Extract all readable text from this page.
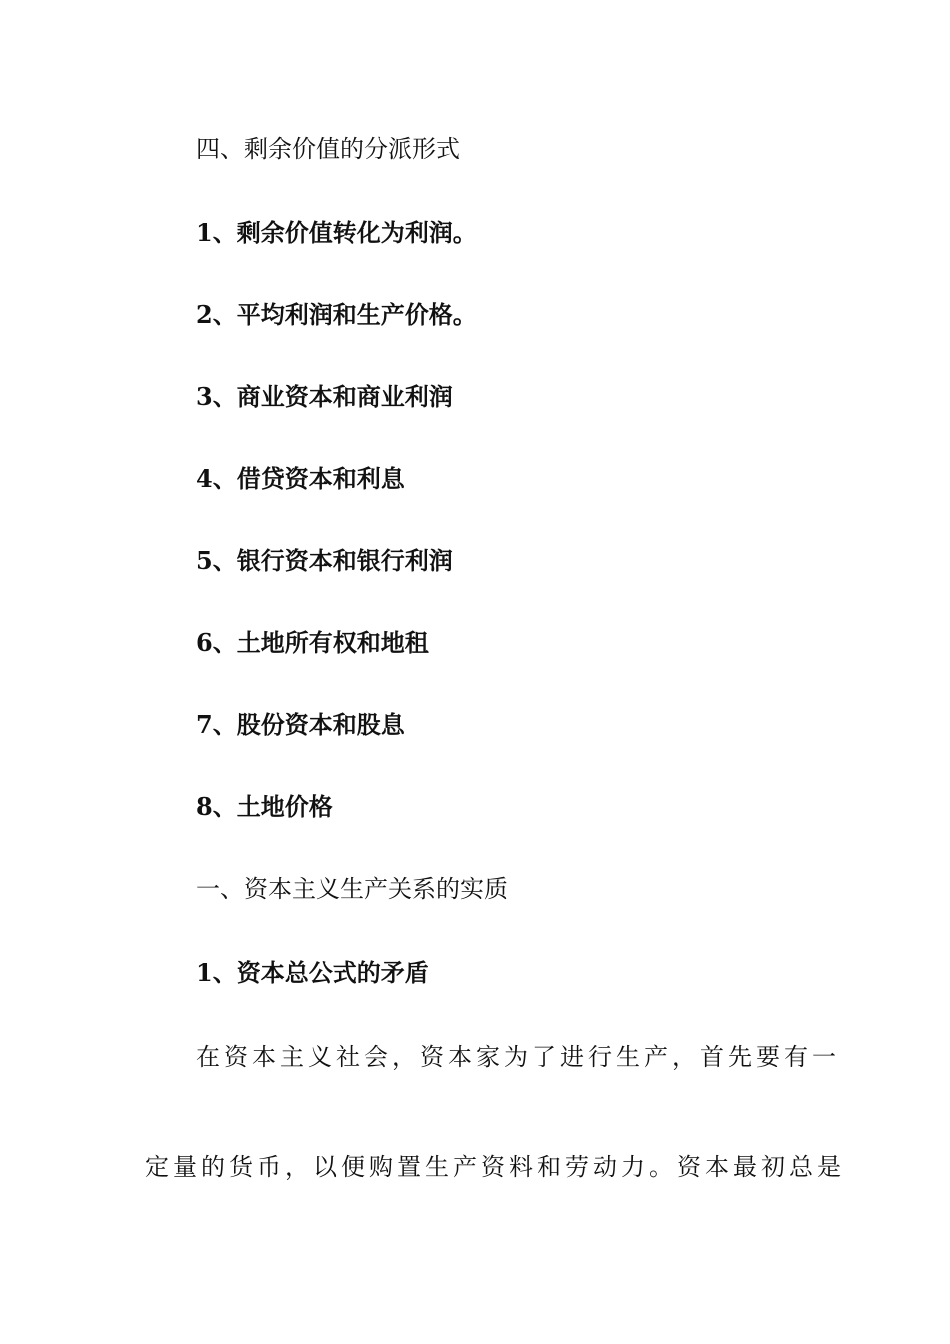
四、剩余价值的分派形式
1、剩余价值转化为利润。
2、平均利润和生产价格。
3、商业资本和商业利润
4、借贷资本和利息
5、银行资本和银行利润
6、土地所有权和地租
7、股份资本和股息
8、土地价格
一、资本主义生产关系的实质
1、资本总公式的矛盾
在资本主义社会，资本家为了进行生产，首先要有一
定量的货币，以便购置生产资料和劳动力。资本最初总是
